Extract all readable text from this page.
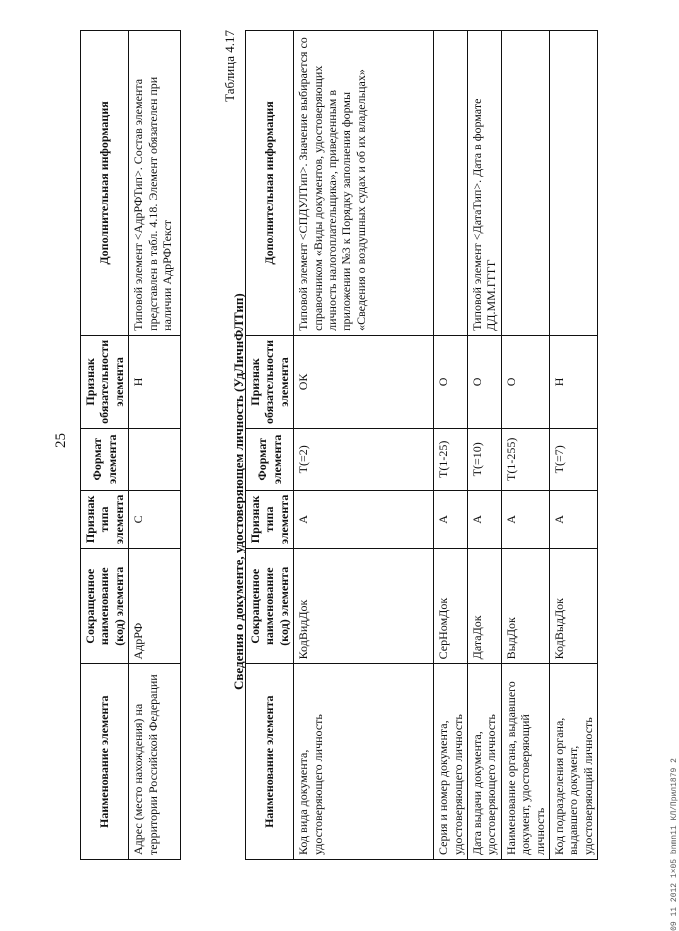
25
Наименование элемента	Сокращенное наименование (код) элемента	Признак типа элемента	Формат элемента	Признак обязательности элемента	Дополнительная информация
Адрес (место нахождения) на территории Российской Федерации	АдрРФ	С		Н	Типовой элемент <АдрРФТип>. Состав элемента представлен в табл. 4.18. Элемент обязателен при наличии АдрРФТекст
Таблица 4.17
Сведения о документе, удостоверяющем личность (УдЛичнФЛТип)
Наименование элемента	Сокращенное наименование (код) элемента	Признак типа элемента	Формат элемента	Признак обязательности элемента	Дополнительная информация
Код вида документа, удостоверяющего личность	КодВидДок	А	T(=2)	ОК	Типовой элемент <СПДУЛТип>. Значение выбирается со справочником «Виды документов, удостоверяющих личность налогоплательщика», приведенным в приложении №3 к Порядку заполнения формы «Сведения о воздушных судах и об их владельцах»
Серия и номер документа, удостоверяющего личность	СерНомДок	А	T(1-25)	О	
Дата выдачи документа, удостоверяющего личность	ДатаДок	А	T(=10)	О	Типовой элемент <ДатаТип>. Дата в формате ДД.ММ.ГГГГ
Наименование органа, выдавшего документ, удостоверяющий личность	ВыдДок	А	T(1-255)	О	
Код подразделения органа, выдавшего документ, удостоверяющий личность	КодВыдДок	А	T(=7)	Н	
09 11 2012 1×05 bnmn11 КЛ/Прил1879 2
